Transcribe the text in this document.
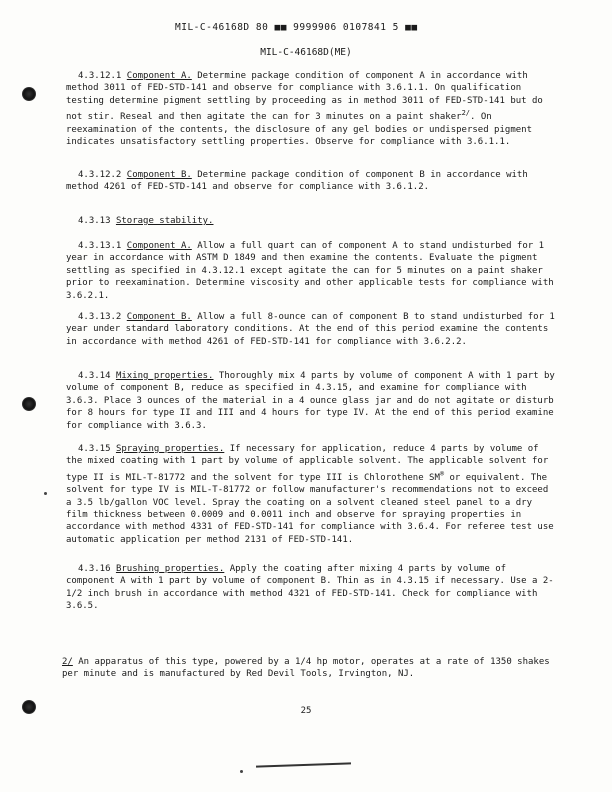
MIL-C-46168D 80 ■■ 9999906 0107841 5 ■■
MIL-C-46168D(ME)

4.3.12.1 Component A. Determine package condition of component A in accordance with method 3011 of FED-STD-141 and observe for compliance with 3.6.1.1. On qualification testing determine pigment settling by proceeding as in method 3011 of FED-STD-141 but do not stir. Reseal and then agitate the can for 3 minutes on a paint shaker$^{2/}$. On reexamination of the contents, the disclosure of any gel bodies or undispersed pigment indicates unsatisfactory settling properties. Observe for compliance with 3.6.1.1.

4.3.12.2 Component B. Determine package condition of component B in accordance with method 4261 of FED-STD-141 and observe for compliance with 3.6.1.2.

4.3.13 Storage stability.

4.3.13.1 Component A. Allow a full quart can of component A to stand undisturbed for 1 year in accordance with ASTM D 1849 and then examine the contents. Evaluate the pigment settling as specified in 4.3.12.1 except agitate the can for 5 minutes on a paint shaker prior to reexamination. Determine viscosity and other applicable tests for compliance with 3.6.2.1.

4.3.13.2 Component B. Allow a full 8-ounce can of component B to stand undisturbed for 1 year under standard laboratory conditions. At the end of this period examine the contents in accordance with method 4261 of FED-STD-141 for compliance with 3.6.2.2.

4.3.14 Mixing properties. Thoroughly mix 4 parts by volume of component A with 1 part by volume of component B, reduce as specified in 4.3.15, and examine for compliance with 3.6.3. Place 3 ounces of the material in a 4 ounce glass jar and do not agitate or disturb for 8 hours for type II and III and 4 hours for type IV. At the end of this period examine for compliance with 3.6.3.

4.3.15 Spraying properties. If necessary for application, reduce 4 parts by volume of the mixed coating with 1 part by volume of applicable solvent. The applicable solvent for type II is MIL-T-81772 and the solvent for type III is Chlorothene SM® or equivalent. The solvent for type IV is MIL-T-81772 or follow manufacturer's recommendations not to exceed a 3.5 lb/gallon VOC level. Spray the coating on a solvent cleaned steel panel to a dry film thickness between 0.0009 and 0.0011 inch and observe for spraying properties in accordance with method 4331 of FED-STD-141 for compliance with 3.6.4. For referee test use automatic application per method 2131 of FED-STD-141.

4.3.16 Brushing properties. Apply the coating after mixing 4 parts by volume of component A with 1 part by volume of component B. Thin as in 4.3.15 if necessary. Use a 2-1/2 inch brush in accordance with method 4321 of FED-STD-141. Check for compliance with 3.6.5.

2/ An apparatus of this type, powered by a 1/4 hp motor, operates at a rate of 1350 shakes per minute and is manufactured by Red Devil Tools, Irvington, NJ.
25
